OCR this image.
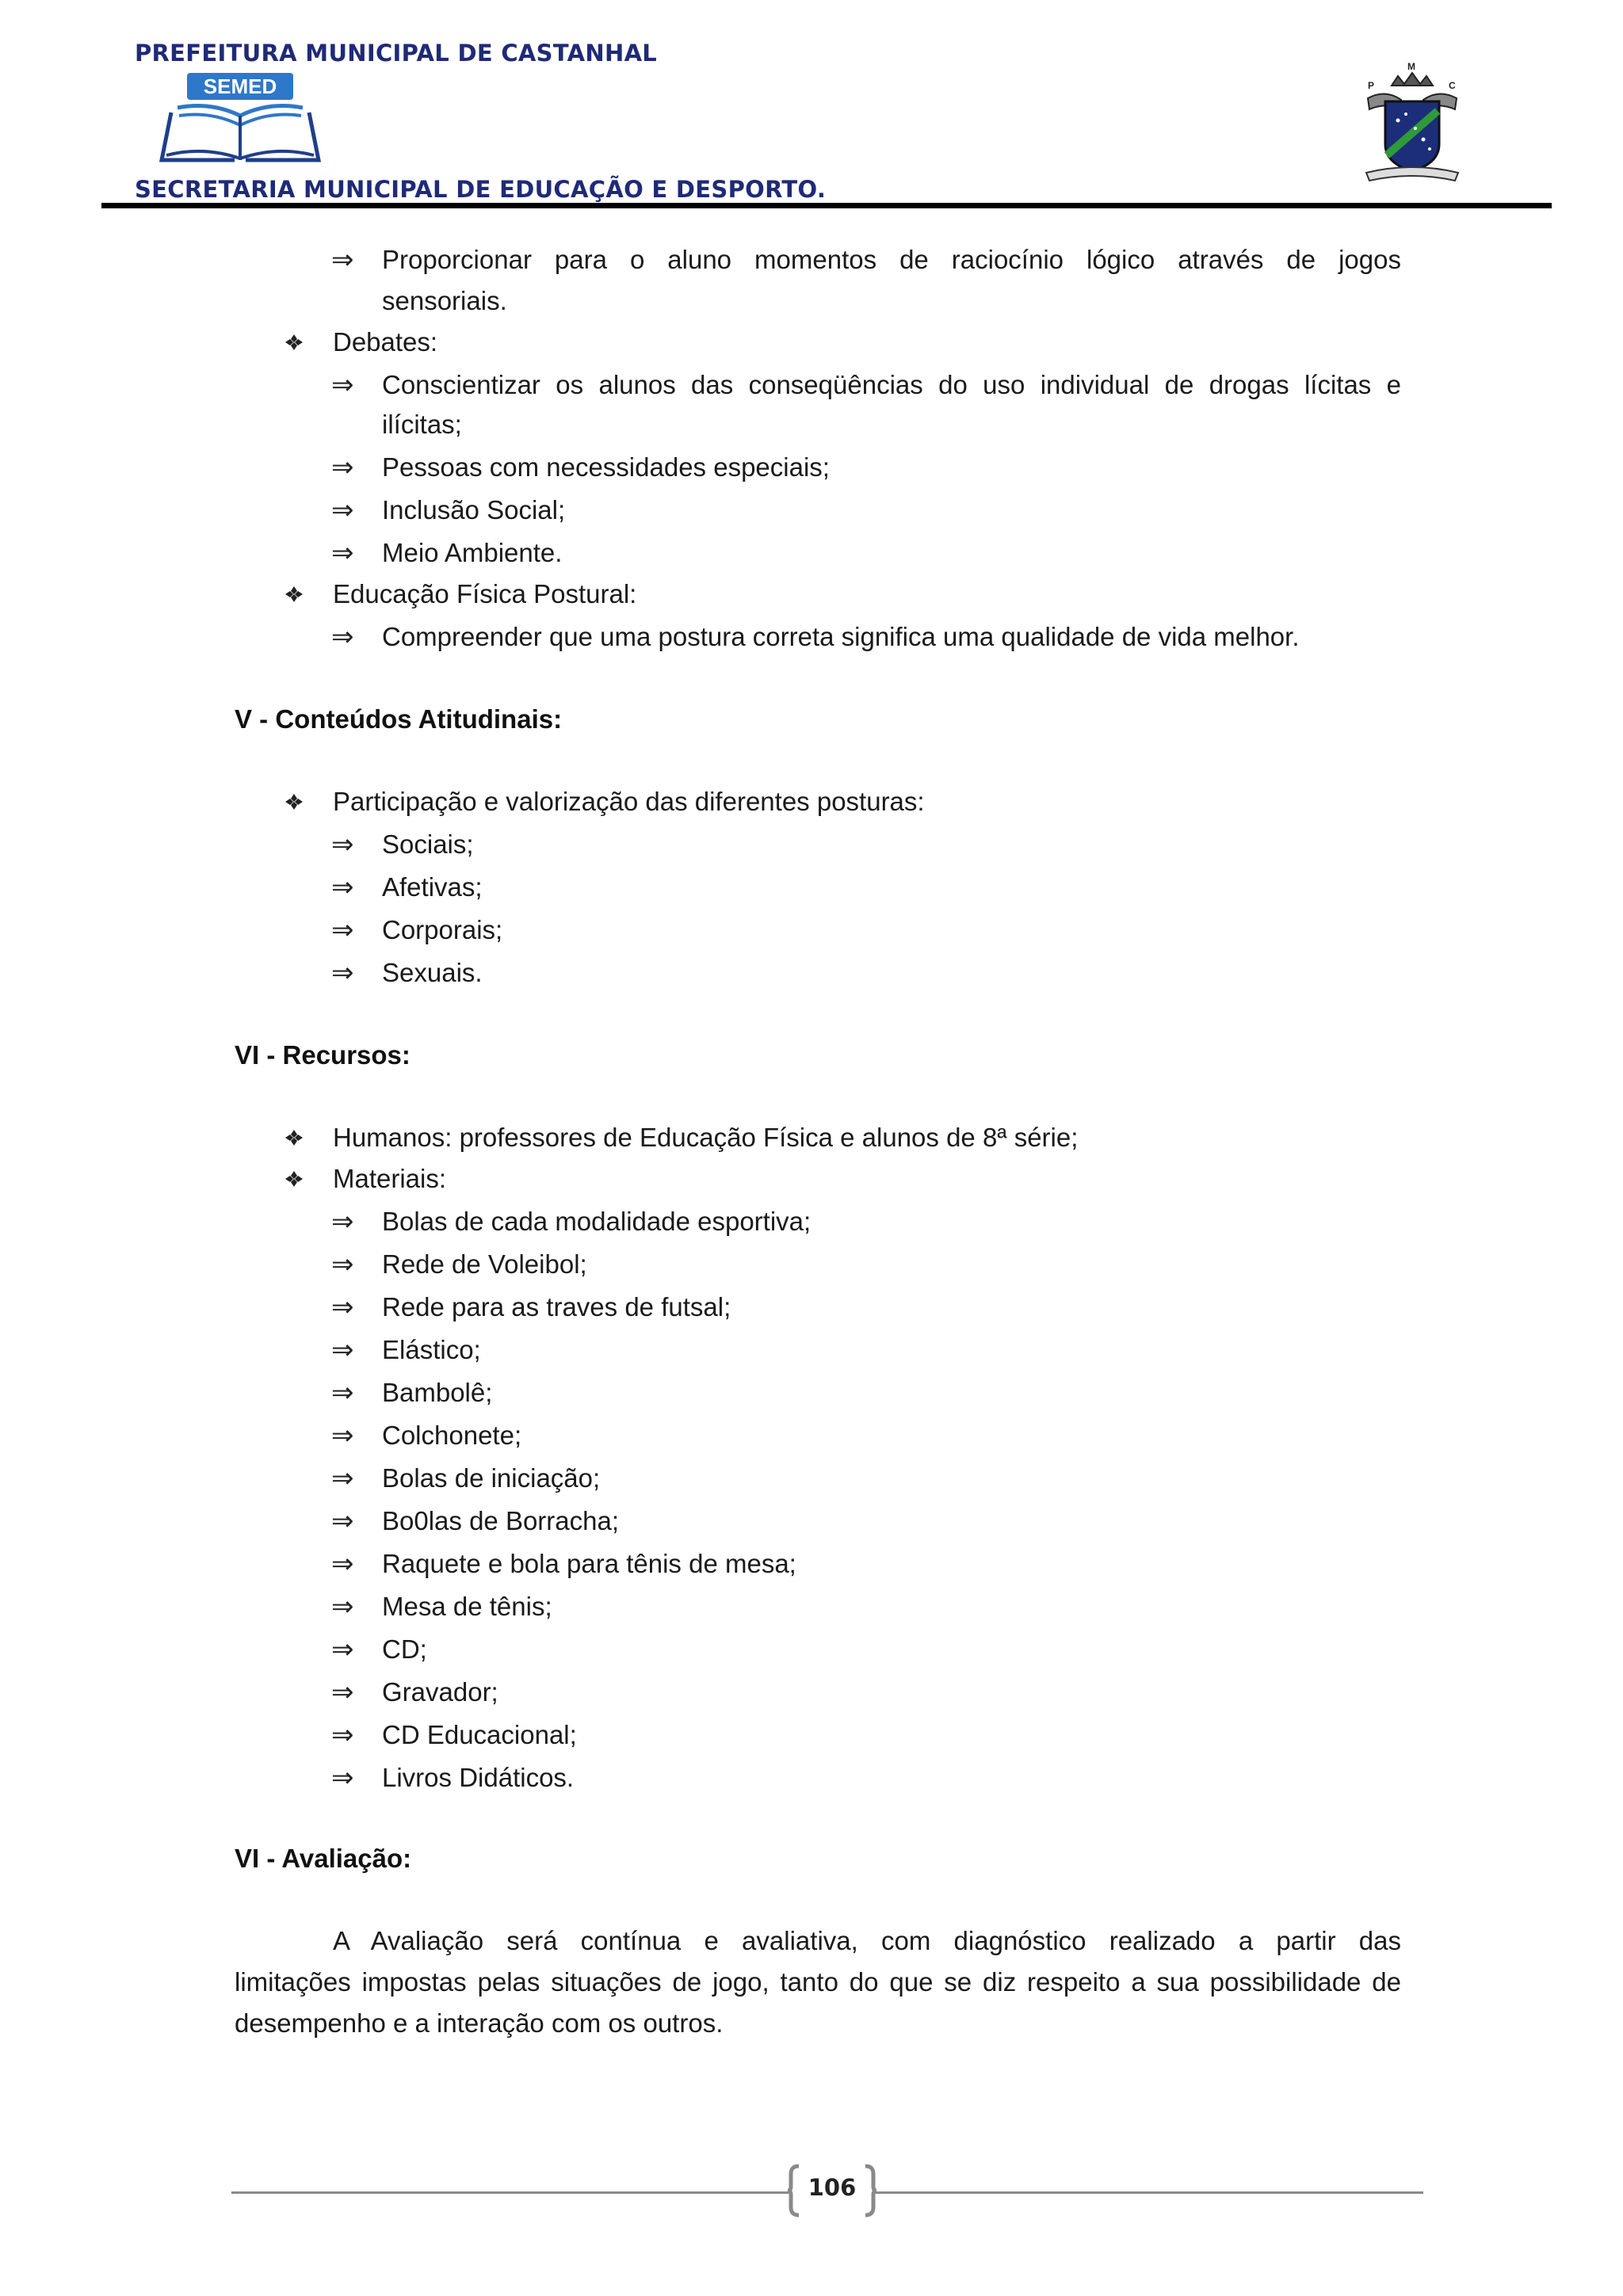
PREFEITURA MUNICIPAL DE CASTANHAL
SEMED	P
M
C
SECRETARIA MUNICIPAL DE EDUCAÇÃO E DESPORTO.
⇒ Proporcionar para o aluno momentos de raciocínio lógico através de jogos
sensoriais.
Debates:
⇒ Conscientizar os alunos das conseqüências do uso individual de drogas lícitas e
ilícitas;
⇒ Pessoas com necessidades especiais;
⇒ Inclusão Social;
⇒ Meio Ambiente.
Educação Física Postural:
⇒ Compreender que uma postura correta significa uma qualidade de vida melhor.
V - Conteúdos Atitudinais:
Participação e valorização das diferentes posturas:
⇒ Sociais;
⇒ Afetivas;
⇒ Corporais;
⇒ Sexuais.
VI - Recursos:
Humanos: professores de Educação Física e alunos de 8ª série;
Materiais:
⇒ Bolas de cada modalidade esportiva;
⇒ Rede de Voleibol;
⇒ Rede para as traves de futsal;
⇒ Elástico;
⇒ Bambolê;
⇒ Colchonete;
⇒ Bolas de iniciação;
⇒ Bo0las de Borracha;
⇒ Raquete e bola para tênis de mesa;
⇒ Mesa de tênis;
⇒ CD;
⇒ Gravador;
⇒ CD Educacional;
⇒ Livros Didáticos.
VI - Avaliação:
A Avaliação será contínua e avaliativa, com diagnóstico realizado a partir das
limitações impostas pelas situações de jogo, tanto do que se diz respeito a sua possibilidade de
desempenho e a interação com os outros.
106
